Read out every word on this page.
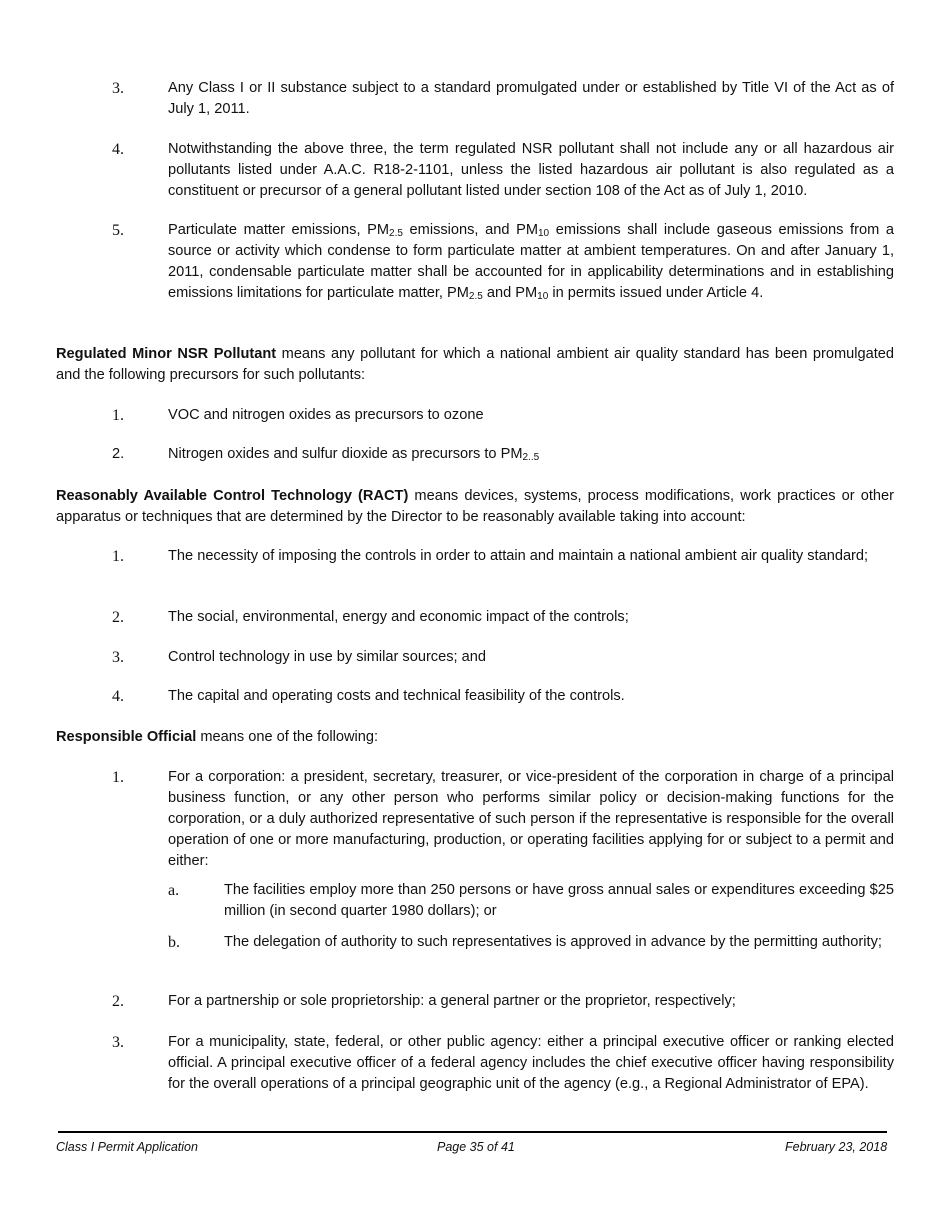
3.	Any Class I or II substance subject to a standard promulgated under or established by Title VI of the Act as of July 1, 2011.
4.	Notwithstanding the above three, the term regulated NSR pollutant shall not include any or all hazardous air pollutants listed under A.A.C. R18-2-1101, unless the listed hazardous air pollutant is also regulated as a constituent or precursor of a general pollutant listed under section 108 of the Act as of July 1, 2010.
5.	Particulate matter emissions, $PM_{2.5}$ emissions, and $PM_{10}$ emissions shall include gaseous emissions from a source or activity which condense to form particulate matter at ambient temperatures. On and after January 1, 2011, condensable particulate matter shall be accounted for in applicability determinations and in establishing emissions limitations for particulate matter, $PM_{2.5}$ and $PM_{10}$ in permits issued under Article 4.
Regulated Minor NSR Pollutant means any pollutant for which a national ambient air quality standard has been promulgated and the following precursors for such pollutants:
1.	VOC and nitrogen oxides as precursors to ozone
2.	Nitrogen oxides and sulfur dioxide as precursors to $PM_{2..5}$
Reasonably Available Control Technology (RACT) means devices, systems, process modifications, work practices or other apparatus or techniques that are determined by the Director to be reasonably available taking into account:
1.	The necessity of imposing the controls in order to attain and maintain a national ambient air quality standard;
2.	The social, environmental, energy and economic impact of the controls;
3.	Control technology in use by similar sources; and
4.	The capital and operating costs and technical feasibility of the controls.
Responsible Official means one of the following:
1.	For a corporation: a president, secretary, treasurer, or vice-president of the corporation in charge of a principal business function, or any other person who performs similar policy or decision-making functions for the corporation, or a duly authorized representative of such person if the representative is responsible for the overall operation of one or more manufacturing, production, or operating facilities applying for or subject to a permit and either:
a.	The facilities employ more than 250 persons or have gross annual sales or expenditures exceeding $25 million (in second quarter 1980 dollars); or
b.	The delegation of authority to such representatives is approved in advance by the permitting authority;
2.	For a partnership or sole proprietorship: a general partner or the proprietor, respectively;
3.	For a municipality, state, federal, or other public agency: either a principal executive officer or ranking elected official. A principal executive officer of a federal agency includes the chief executive officer having responsibility for the overall operations of a principal geographic unit of the agency (e.g., a Regional Administrator of EPA).
Class I Permit Application	Page 35 of 41	February 23, 2018
